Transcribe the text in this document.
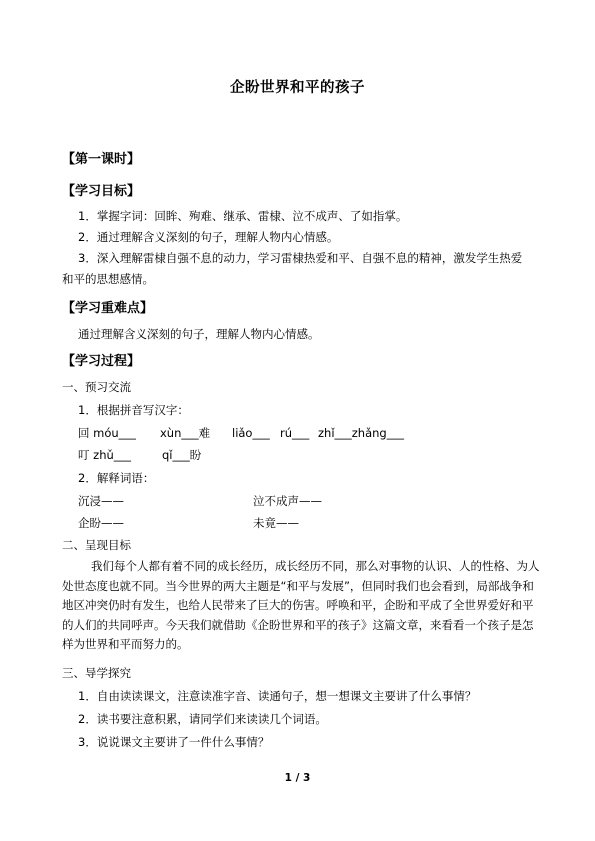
企盼世界和平的孩子
【第一课时】
【学习目标】
1．掌握字词：回眸、殉难、继承、雷棣、泣不成声、了如指掌。
2．通过理解含义深刻的句子，理解人物内心情感。
3．深入理解雷棣自强不息的动力，学习雷棣热爱和平、自强不息的精神，激发学生热爱
和平的思想感情。
【学习重难点】
通过理解含义深刻的句子，理解人物内心情感。
【学习过程】
一、预习交流
1．根据拼音写汉字：
回 móu___ xùn___难 liǎo___ rú___ zhǐ___zhǎng___
叮 zhǔ___	qǐ___盼
2．解释词语：
沉浸——	泣不成声——
企盼——	未竟——
二、呈现目标
我们每个人都有着不同的成长经历，成长经历不同，那么对事物的认识、人的性格、为人处世态度也就不同。当今世界的两大主题是“和平与发展”，但同时我们也会看到，局部战争和地区冲突仍时有发生，也给人民带来了巨大的伤害。呼唤和平，企盼和平成了全世界爱好和平的人们的共同呼声。今天我们就借助《企盼世界和平的孩子》这篇文章，来看看一个孩子是怎样为世界和平而努力的。
三、导学探究
1．自由读读课文，注意读准字音、读通句子，想一想课文主要讲了什么事情？
2．读书要注意积累，请同学们来读读几个词语。
3．说说课文主要讲了一件什么事情？
1 / 3
